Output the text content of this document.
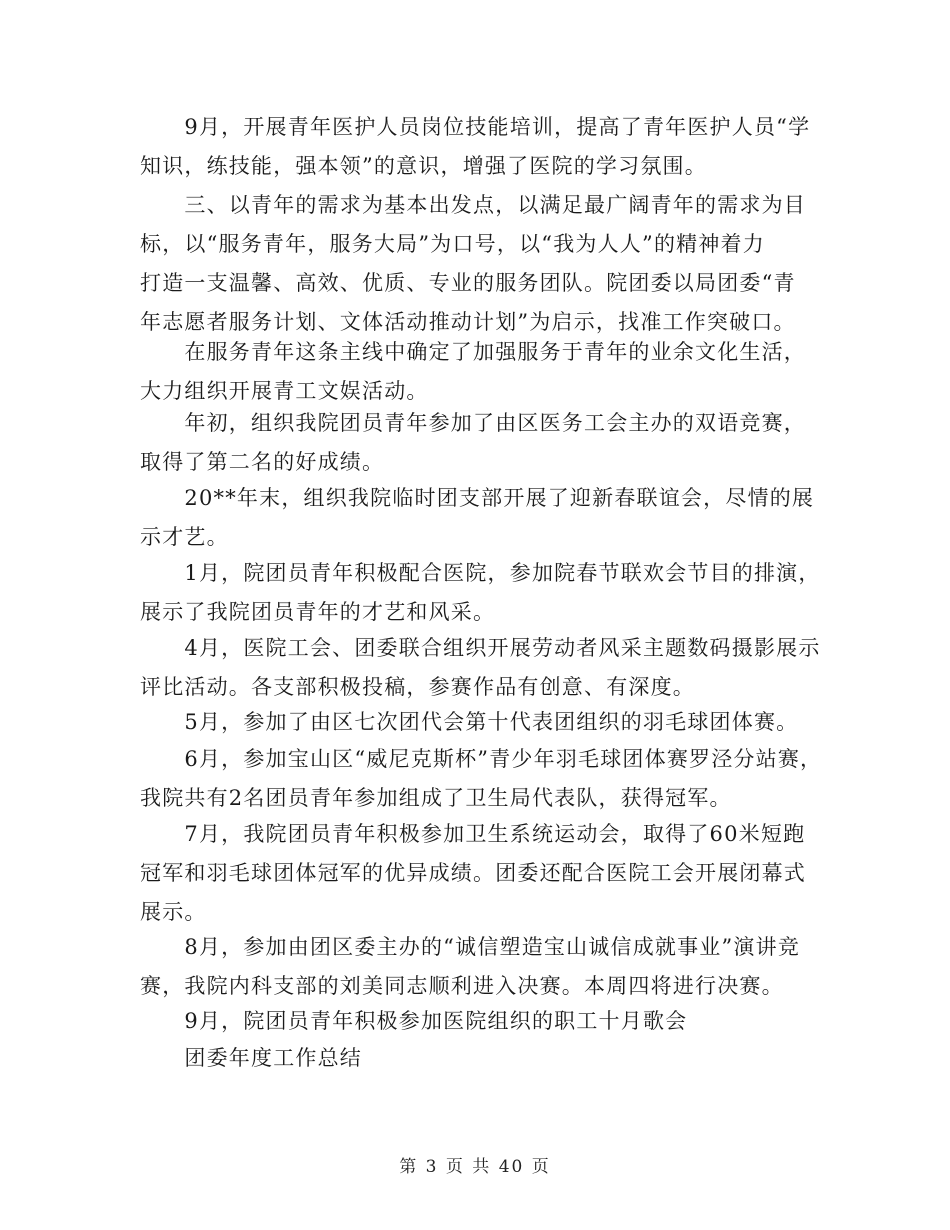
　　9月，开展青年医护人员岗位技能培训，提高了青年医护人员“学
知识，练技能，强本领”的意识，增强了医院的学习氛围。

　　三、以青年的需求为基本出发点，以满足最广阔青年的需求为目
标，以“服务青年，服务大局”为口号，以“我为人人”的精神着力
打造一支温馨、高效、优质、专业的服务团队。院团委以局团委“青
年志愿者服务计划、文体活动推动计划”为启示，找准工作突破口。

　　在服务青年这条主线中确定了加强服务于青年的业余文化生活，
大力组织开展青工文娱活动。

　　年初，组织我院团员青年参加了由区医务工会主办的双语竞赛，
取得了第二名的好成绩。

　　20**年末，组织我院临时团支部开展了迎新春联谊会，尽情的展
示才艺。

　　1月，院团员青年积极配合医院，参加院春节联欢会节目的排演，
展示了我院团员青年的才艺和风采。

　　4月，医院工会、团委联合组织开展劳动者风采主题数码摄影展示
评比活动。各支部积极投稿，参赛作品有创意、有深度。

　　5月，参加了由区七次团代会第十代表团组织的羽毛球团体赛。

　　6月，参加宝山区“威尼克斯杯”青少年羽毛球团体赛罗泾分站赛，
我院共有2名团员青年参加组成了卫生局代表队，获得冠军。

　　7月，我院团员青年积极参加卫生系统运动会，取得了60米短跑
冠军和羽毛球团体冠军的优异成绩。团委还配合医院工会开展闭幕式
展示。

　　8月，参加由团区委主办的“诚信塑造宝山诚信成就事业”演讲竞
赛，我院内科支部的刘美同志顺利进入决赛。本周四将进行决赛。

　　9月，院团员青年积极参加医院组织的职工十月歌会

　　团委年度工作总结

第 3 页 共 40 页
